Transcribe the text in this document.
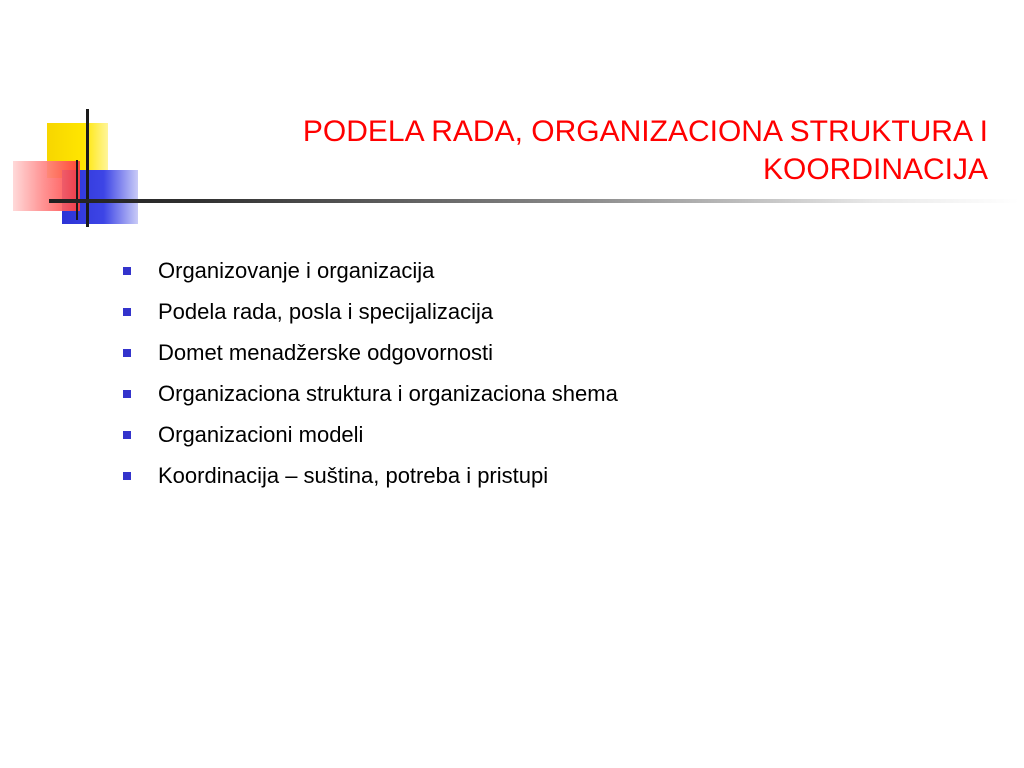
PODELA RADA, ORGANIZACIONA STRUKTURA I
KOORDINACIJA
Organizovanje i organizacija
Podela rada, posla i specijalizacija
Domet menadžerske odgovornosti
Organizaciona struktura i organizaciona shema
Organizacioni modeli
Koordinacija – suština, potreba i pristupi
